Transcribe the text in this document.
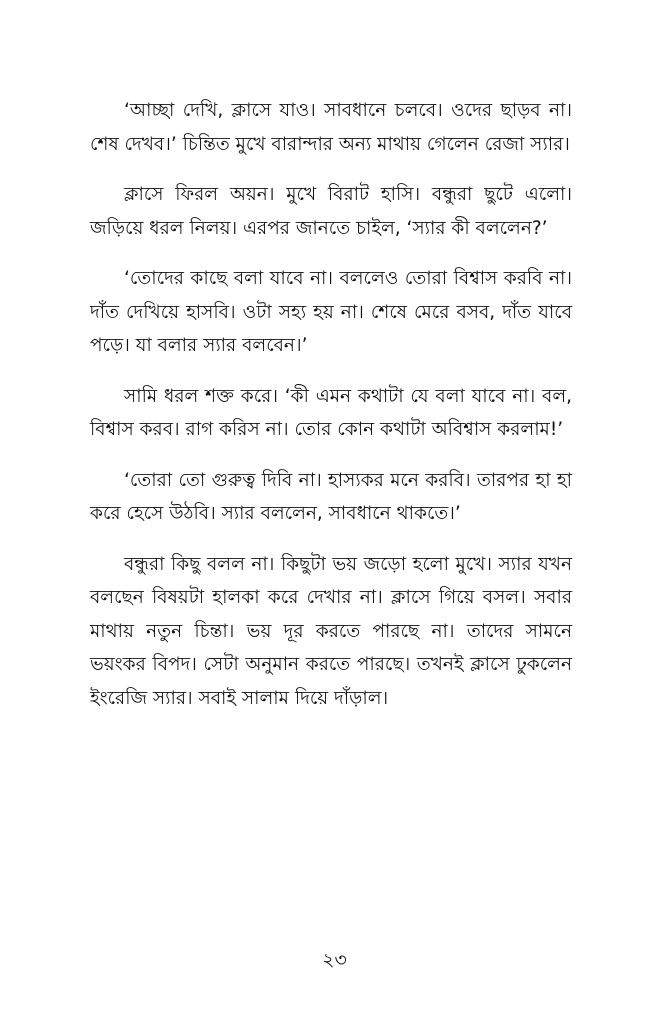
‘আচ্ছা দেখি, ক্লাসে যাও। সাবধানে চলবে। ওদের ছাড়ব না। শেষ দেখব।’ চিন্তিত মুখে বারান্দার অন্য মাথায় গেলেন রেজা স্যার।

ক্লাসে ফিরল অয়ন। মুখে বিরাট হাসি। বন্ধুরা ছুটে এলো। জড়িয়ে ধরল নিলয়। এরপর জানতে চাইল, ‘স্যার কী বললেন?’

‘তোদের কাছে বলা যাবে না। বললেও তোরা বিশ্বাস করবি না। দাঁত দেখিয়ে হাসবি। ওটা সহ্য হয় না। শেষে মেরে বসব, দাঁত যাবে পড়ে। যা বলার স্যার বলবেন।’

সামি ধরল শক্ত করে। ‘কী এমন কথাটা যে বলা যাবে না। বল, বিশ্বাস করব। রাগ করিস না। তোর কোন কথাটা অবিশ্বাস করলাম!’

‘তোরা তো গুরুত্ব দিবি না। হাস্যকর মনে করবি। তারপর হা হা করে হেসে উঠবি। স্যার বললেন, সাবধানে থাকতে।’

বন্ধুরা কিছু বলল না। কিছুটা ভয় জড়ো হলো মুখে। স্যার যখন বলছেন বিষয়টা হালকা করে দেখার না। ক্লাসে গিয়ে বসল। সবার মাথায় নতুন চিন্তা। ভয় দূর করতে পারছে না। তাদের সামনে ভয়ংকর বিপদ। সেটা অনুমান করতে পারছে। তখনই ক্লাসে ঢুকলেন ইংরেজি স্যার। সবাই সালাম দিয়ে দাঁড়াল।

২৩
